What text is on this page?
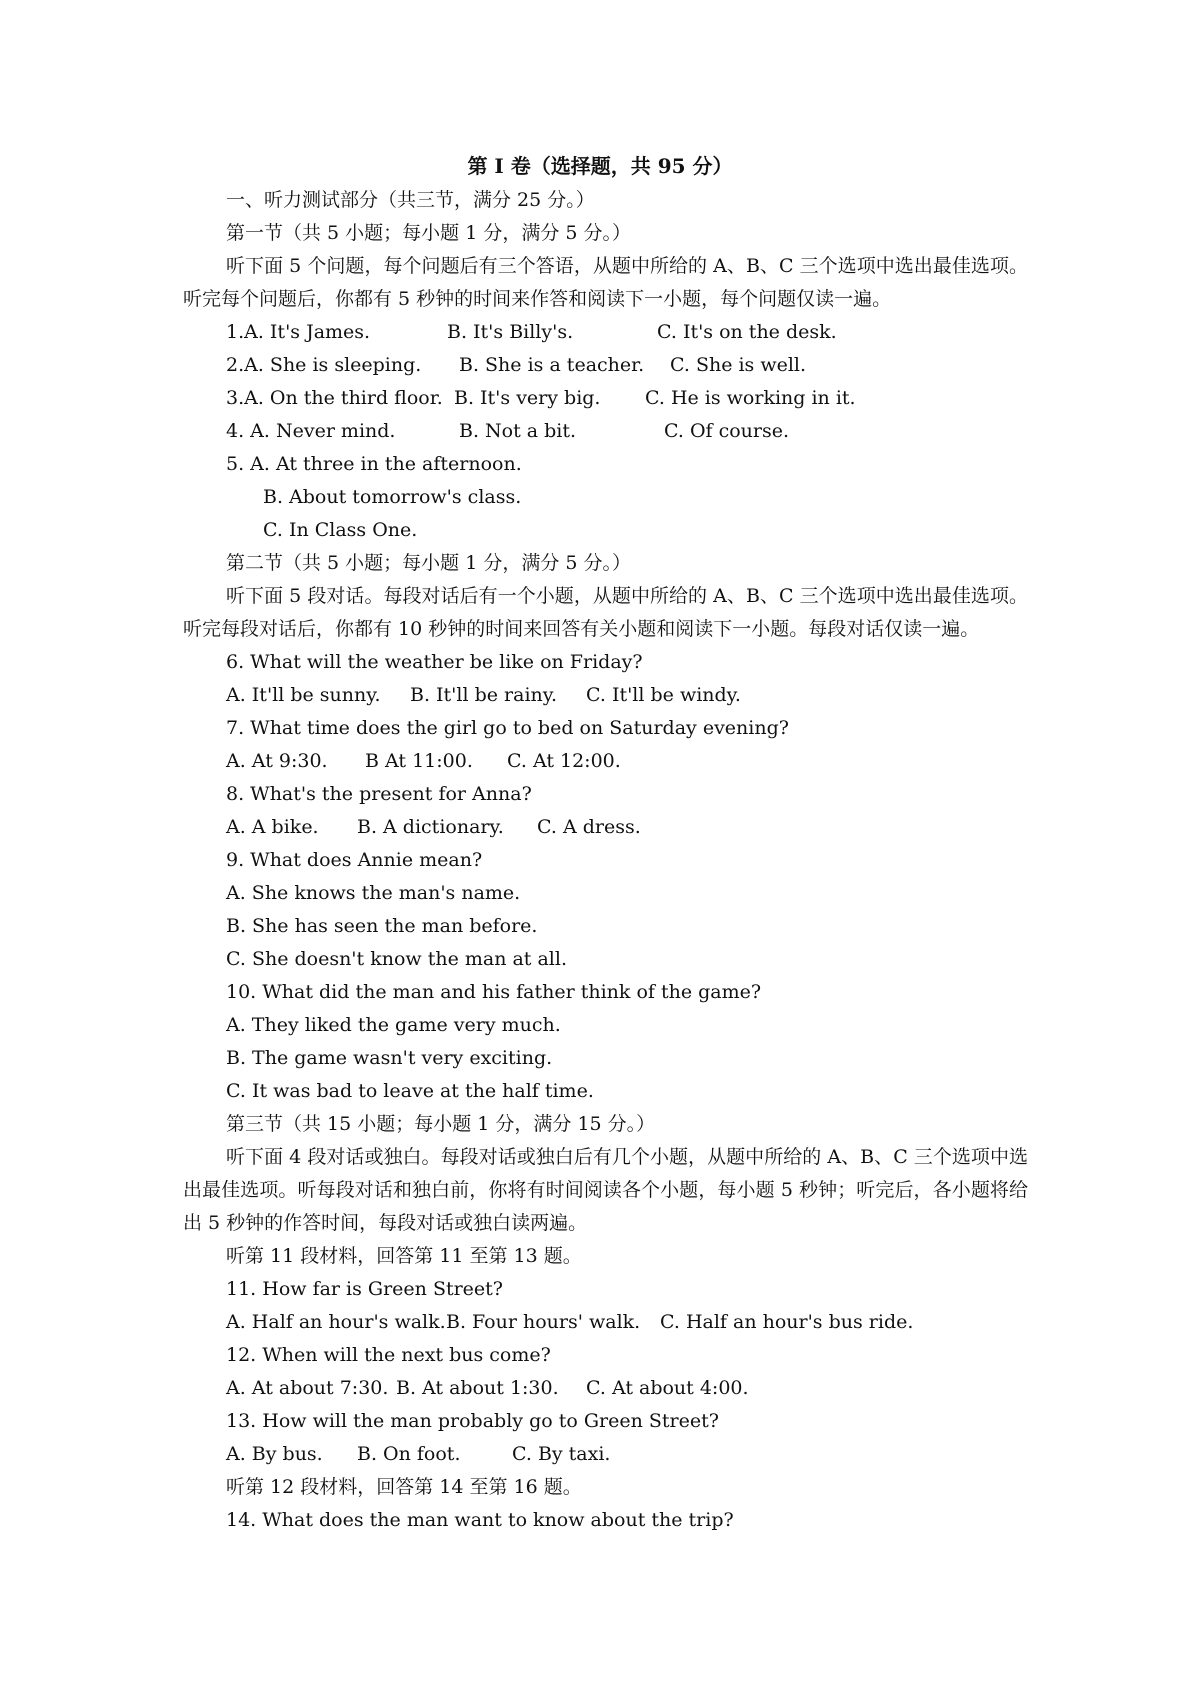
第 I 卷（选择题，共 95 分）
一、听力测试部分（共三节，满分 25 分。）
第一节（共 5 小题；每小题 1 分，满分 5 分。）
听下面 5 个问题，每个问题后有三个答语，从题中所给的 A、B、C 三个选项中选出最佳选项。听完每个问题后，你都有 5 秒钟的时间来作答和阅读下一小题，每个问题仅读一遍。
1.A. It's James.	B. It's Billy's.	C. It's on the desk.
2.A. She is sleeping. B. She is a teacher. C. She is well.
3.A. On the third floor. B. It's very big. C. He is working in it.
4. A. Never mind.	B. Not a bit.	C. Of course.
5. A. At three in the afternoon.
B. About tomorrow's class.
C. In Class One.
第二节（共 5 小题；每小题 1 分，满分 5 分。）
听下面 5 段对话。每段对话后有一个小题，从题中所给的 A、B、C 三个选项中选出最佳选项。听完每段对话后，你都有 10 秒钟的时间来回答有关小题和阅读下一小题。每段对话仅读一遍。
6. What will the weather be like on Friday?
A. It'll be sunny. B. It'll be rainy. C. It'll be windy.
7. What time does the girl go to bed on Saturday evening?
A. At 9:30. B At 11:00. C. At 12:00.
8. What's the present for Anna?
A. A bike. B. A dictionary. C. A dress.
9. What does Annie mean?
A. She knows the man's name.
B. She has seen the man before.
C. She doesn't know the man at all.
10. What did the man and his father think of the game?
A. They liked the game very much.
B. The game wasn't very exciting.
C. It was bad to leave at the half time.
第三节（共 15 小题；每小题 1 分，满分 15 分。）
听下面 4 段对话或独白。每段对话或独白后有几个小题，从题中所给的 A、B、C 三个选项中选出最佳选项。听每段对话和独白前，你将有时间阅读各个小题，每小题 5 秒钟；听完后，各小题将给出 5 秒钟的作答时间，每段对话或独白读两遍。
听第 11 段材料，回答第 11 至第 13 题。
11. How far is Green Street?
A. Half an hour's walk.B. Four hours' walk. C. Half an hour's bus ride.
12. When will the next bus come?
A. At about 7:30. B. At about 1:30. C. At about 4:00.
13. How will the man probably go to Green Street?
A. By bus. B. On foot.	C. By taxi.
听第 12 段材料，回答第 14 至第 16 题。
14. What does the man want to know about the trip?
